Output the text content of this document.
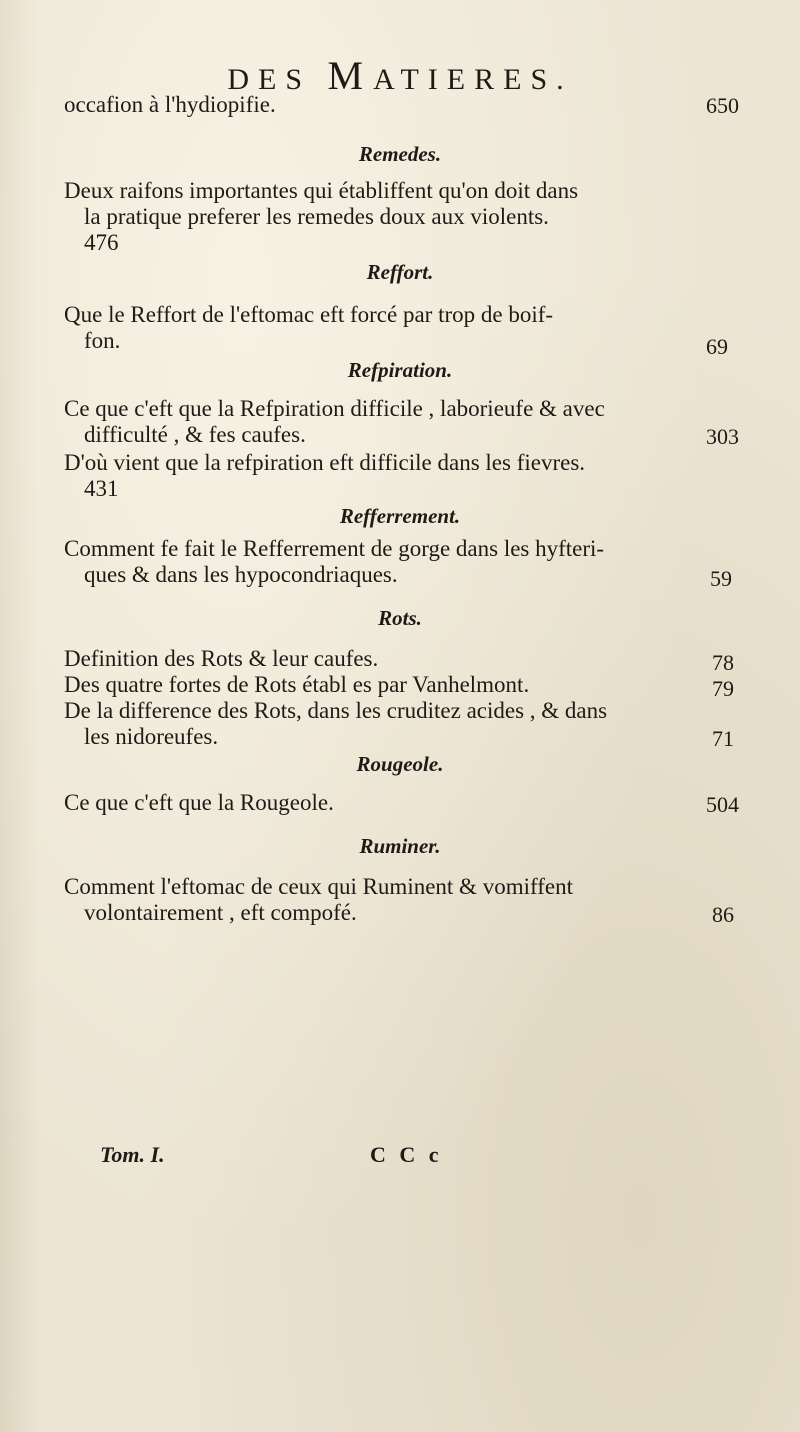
DES MATIERES.
occafion à l'hydiopifie.	650
Remedes.
Deux raifons importantes qui établiffent qu'on doit dans
la pratique preferer les remedes doux aux violents.
476
Reffort.
Que le Reffort de l'eftomac eft forcé par trop de boif-
fon.	69
Refpiration.
Ce que c'eft que la Refpiration difficile , laborieufe & avec
difficulté , & fes caufes.	303
D'où vient que la refpiration eft difficile dans les fievres.
431
Refferrement.
Comment fe fait le Refferrement de gorge dans les hyfteri-
ques & dans les hypocondriaques.	59
Rots.
Definition des Rots & leur caufes.	78
Des quatre fortes de Rots établ es par Vanhelmont.	79
De la difference des Rots, dans les cruditez acides , & dans
les nidoreufes.	71
Rougeole.
Ce que c'eft que la Rougeole.	504
Ruminer.
Comment l'eftomac de ceux qui Ruminent & vomiffent
volontairement , eft compofé.	86
Tom. I.	C C c
